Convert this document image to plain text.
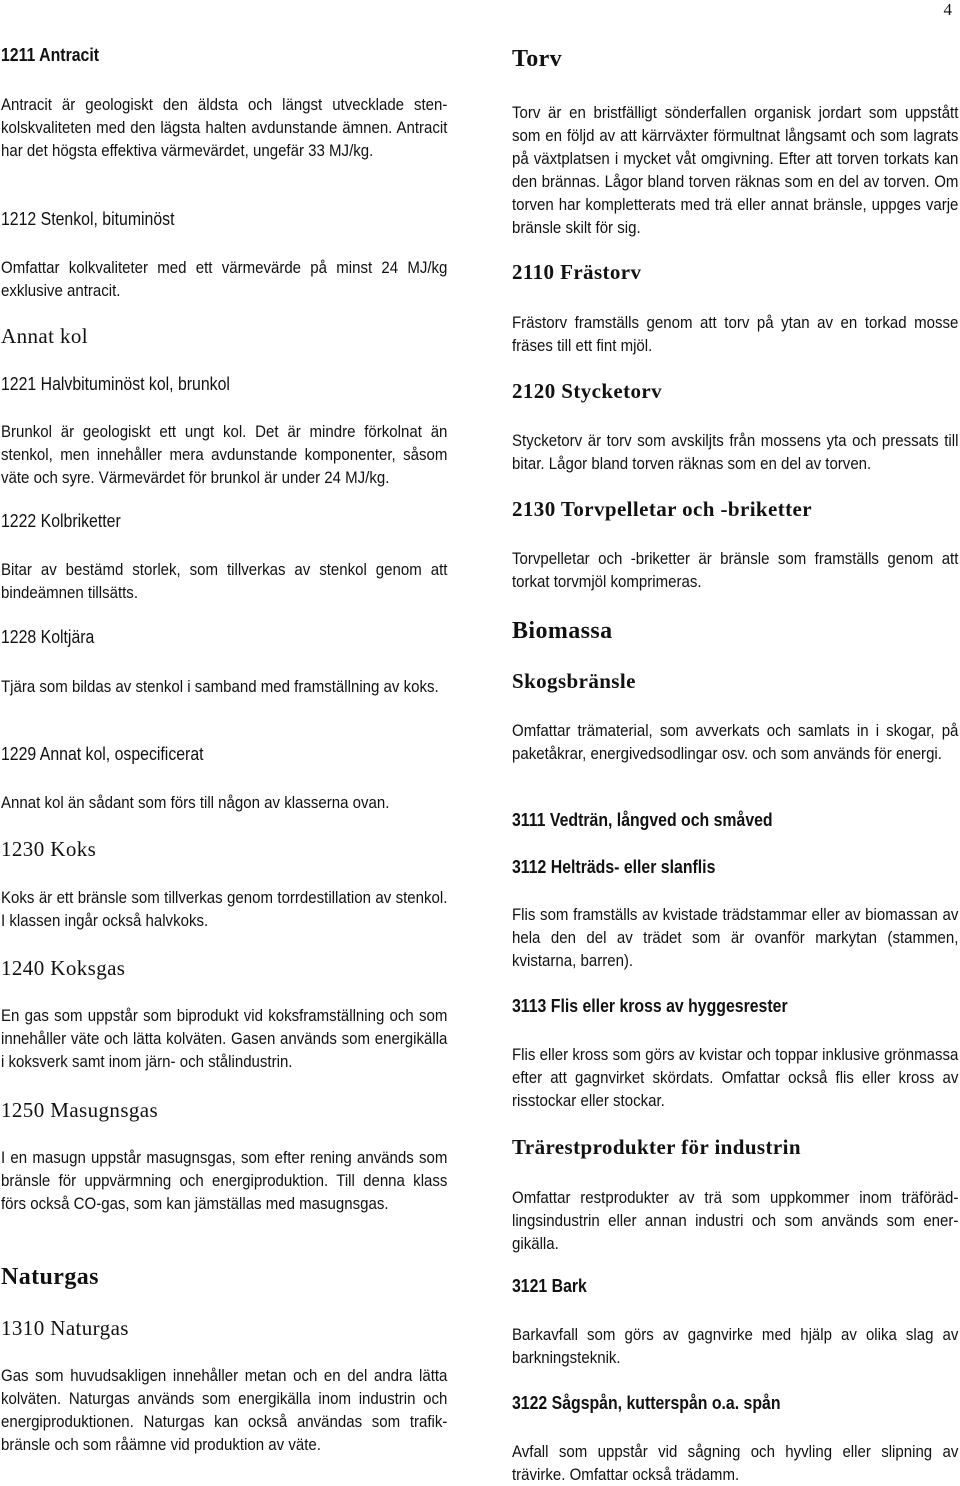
4
1211 Antracit
Antracit är geologiskt den äldsta och längst utvecklade stenkolskvaliteten med den lägsta halten avdunstande ämnen. Antracit har det högsta effektiva värmevärdet, ungefär 33 MJ/kg.
1212 Stenkol, bituminöst
Omfattar kolkvaliteter med ett värmevärde på minst 24 MJ/kg exklusive antracit.
Annat kol
1221 Halvbituminöst kol, brunkol
Brunkol är geologiskt ett ungt kol. Det är mindre förkolnat än stenkol, men innehåller mera avdunstande komponenter, såsom väte och syre. Värmevärdet för brunkol är under 24 MJ/kg.
1222 Kolbriketter
Bitar av bestämd storlek, som tillverkas av stenkol genom att bindeämnen tillsätts.
1228 Koltjära
Tjära som bildas av stenkol i samband med framställning av koks.
1229 Annat kol, ospecificerat
Annat kol än sådant som förs till någon av klasserna ovan.
1230 Koks
Koks är ett bränsle som tillverkas genom torrdestillation av stenkol. I klassen ingår också halvkoks.
1240 Koksgas
En gas som uppstår som biprodukt vid koksframställning och som innehåller väte och lätta kolväten. Gasen används som energikälla i koksverk samt inom järn- och stålindustrin.
1250 Masugnsgas
I en masugn uppstår masugnsgas, som efter rening används som bränsle för uppvärmning och energiproduktion. Till denna klass förs också CO-gas, som kan jämställas med masugnsgas.
Naturgas
1310 Naturgas
Gas som huvudsakligen innehåller metan och en del andra lätta kolväten. Naturgas används som energikälla inom industrin och energiproduktionen. Naturgas kan också användas som trafikbränsle och som råämne vid produktion av väte.
Torv
Torv är en bristfälligt sönderfallen organisk jordart som uppstått som en följd av att kärrväxter förmultnat långsamt och som lagrats på växtplatsen i mycket våt omgivning. Efter att torven torkats kan den brännas. Lågor bland torven räknas som en del av torven. Om torven har kompletterats med trä eller annat bränsle, uppges varje bränsle skilt för sig.
2110 Frästorv
Frästorv framställs genom att torv på ytan av en torkad mosse fräses till ett fint mjöl.
2120 Stycketorv
Stycketorv är torv som avskiljts från mossens yta och pressats till bitar. Lågor bland torven räknas som en del av torven.
2130 Torvpelletar och -briketter
Torvpelletar och -briketter är bränsle som framställs genom att torkat torvmjöl komprimeras.
Biomassa
Skogsbränsle
Omfattar trämaterial, som avverkats och samlats in i skogar, på paketåkrar, energivedsodlingar osv. och som används för energi.
3111 Vedträn, långved och småved
3112 Helträds- eller slanflis
Flis som framställs av kvistade trädstammar eller av biomassan av hela den del av trädet som är ovanför markytan (stammen, kvistarna, barren).
3113 Flis eller kross av hyggesrester
Flis eller kross som görs av kvistar och toppar inklusive grönmassa efter att gagnvirket skördats. Omfattar också flis eller kross av risstockar eller stockar.
Trärestprodukter för industrin
Omfattar restprodukter av trä som uppkommer inom träförädlingsindustrin eller annan industri och som används som energikälla.
3121 Bark
Barkavfall som görs av gagnvirke med hjälp av olika slag av barkningsteknik.
3122 Sågspån, kutterspån o.a. spån
Avfall som uppstår vid sågning och hyvling eller slipning av trävirke. Omfattar också trädamm.
